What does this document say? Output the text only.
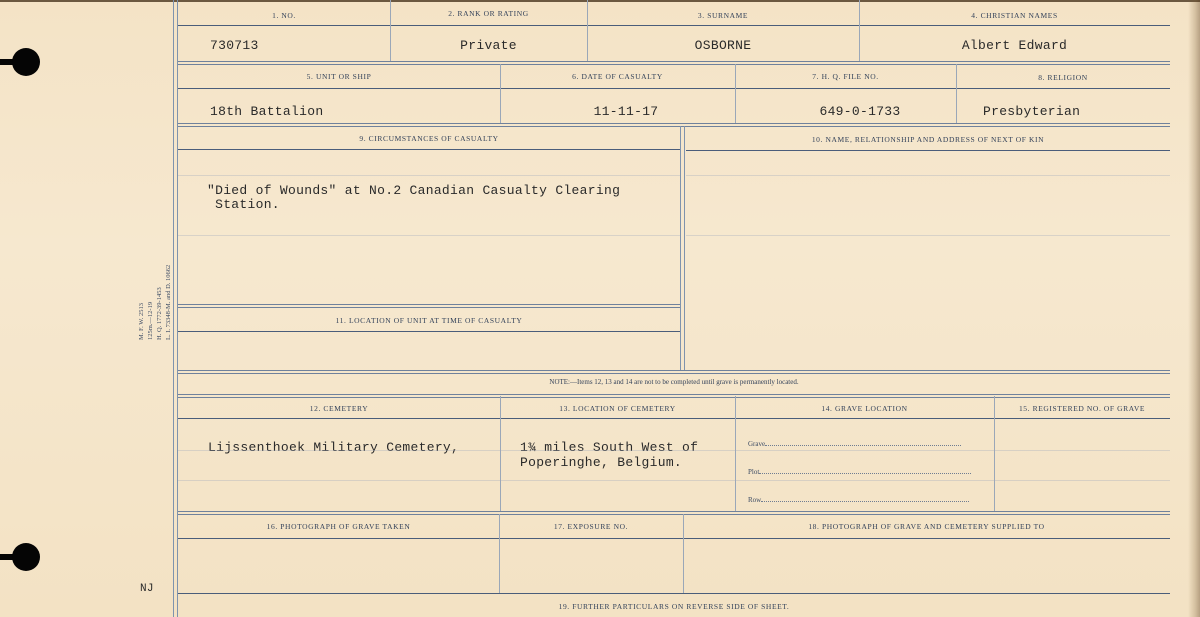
M. F. W. 2513 125m.—12-19 H. Q. 1772-39-1453 L. I. 73348-M. and D. 10662
NJ
1. NO.	2. RANK OR RATING	3. SURNAME	4. CHRISTIAN NAMES
730713	Private	OSBORNE	Albert Edward
5. UNIT OR SHIP	6. DATE OF CASUALTY	7. H. Q. FILE NO.	8. RELIGION
18th Battalion	11-11-17	649-0-1733	Presbyterian
9. CIRCUMSTANCES OF CASUALTY	10. NAME, RELATIONSHIP AND ADDRESS OF NEXT OF KIN
"Died of Wounds" at No.2 Canadian Casualty Clearing
Station.
11. LOCATION OF UNIT AT TIME OF CASUALTY
NOTE:—Items 12, 13 and 14 are not to be completed until grave is permanently located.
12. CEMETERY	13. LOCATION OF CEMETERY	14. GRAVE LOCATION	15. REGISTERED NO. OF GRAVE
Lijssenthoek Military Cemetery,	1¾ miles South West of
Poperinghe, Belgium.
Grave
Plot
Row
16. PHOTOGRAPH OF GRAVE TAKEN	17. EXPOSURE NO.	18. PHOTOGRAPH OF GRAVE AND CEMETERY SUPPLIED TO
19. FURTHER PARTICULARS ON REVERSE SIDE OF SHEET.
